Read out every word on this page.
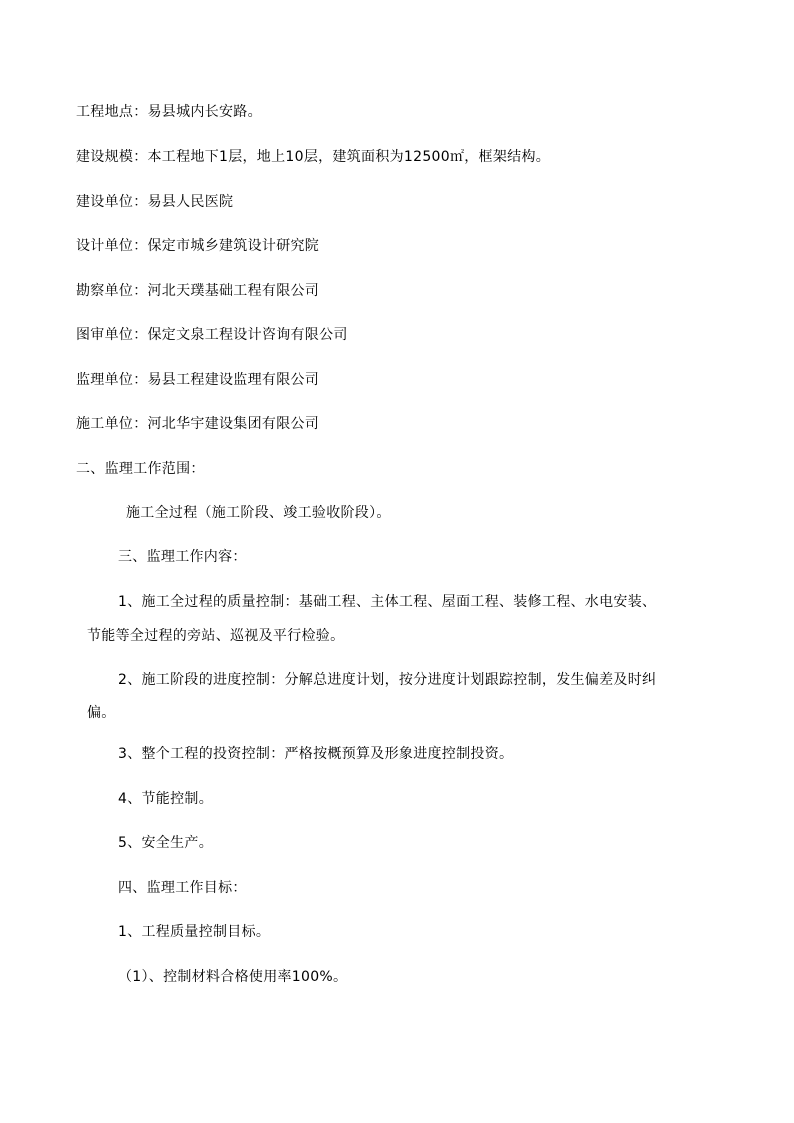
工程地点：易县城内长安路。
建设规模：本工程地下1层，地上10层，建筑面积为12500㎡，框架结构。
建设单位：易县人民医院
设计单位：保定市城乡建筑设计研究院
勘察单位：河北天璞基础工程有限公司
图审单位：保定文泉工程设计咨询有限公司
监理单位：易县工程建设监理有限公司
施工单位：河北华宇建设集团有限公司
二、监理工作范围：
施工全过程（施工阶段、竣工验收阶段）。
三、监理工作内容：
1、施工全过程的质量控制：基础工程、主体工程、屋面工程、装修工程、水电安装、
节能等全过程的旁站、巡视及平行检验。
2、施工阶段的进度控制：分解总进度计划，按分进度计划跟踪控制，发生偏差及时纠
偏。
3、整个工程的投资控制：严格按概预算及形象进度控制投资。
4、节能控制。
5、安全生产。
四、监理工作目标：
1、工程质量控制目标。
（1）、控制材料合格使用率100%。
